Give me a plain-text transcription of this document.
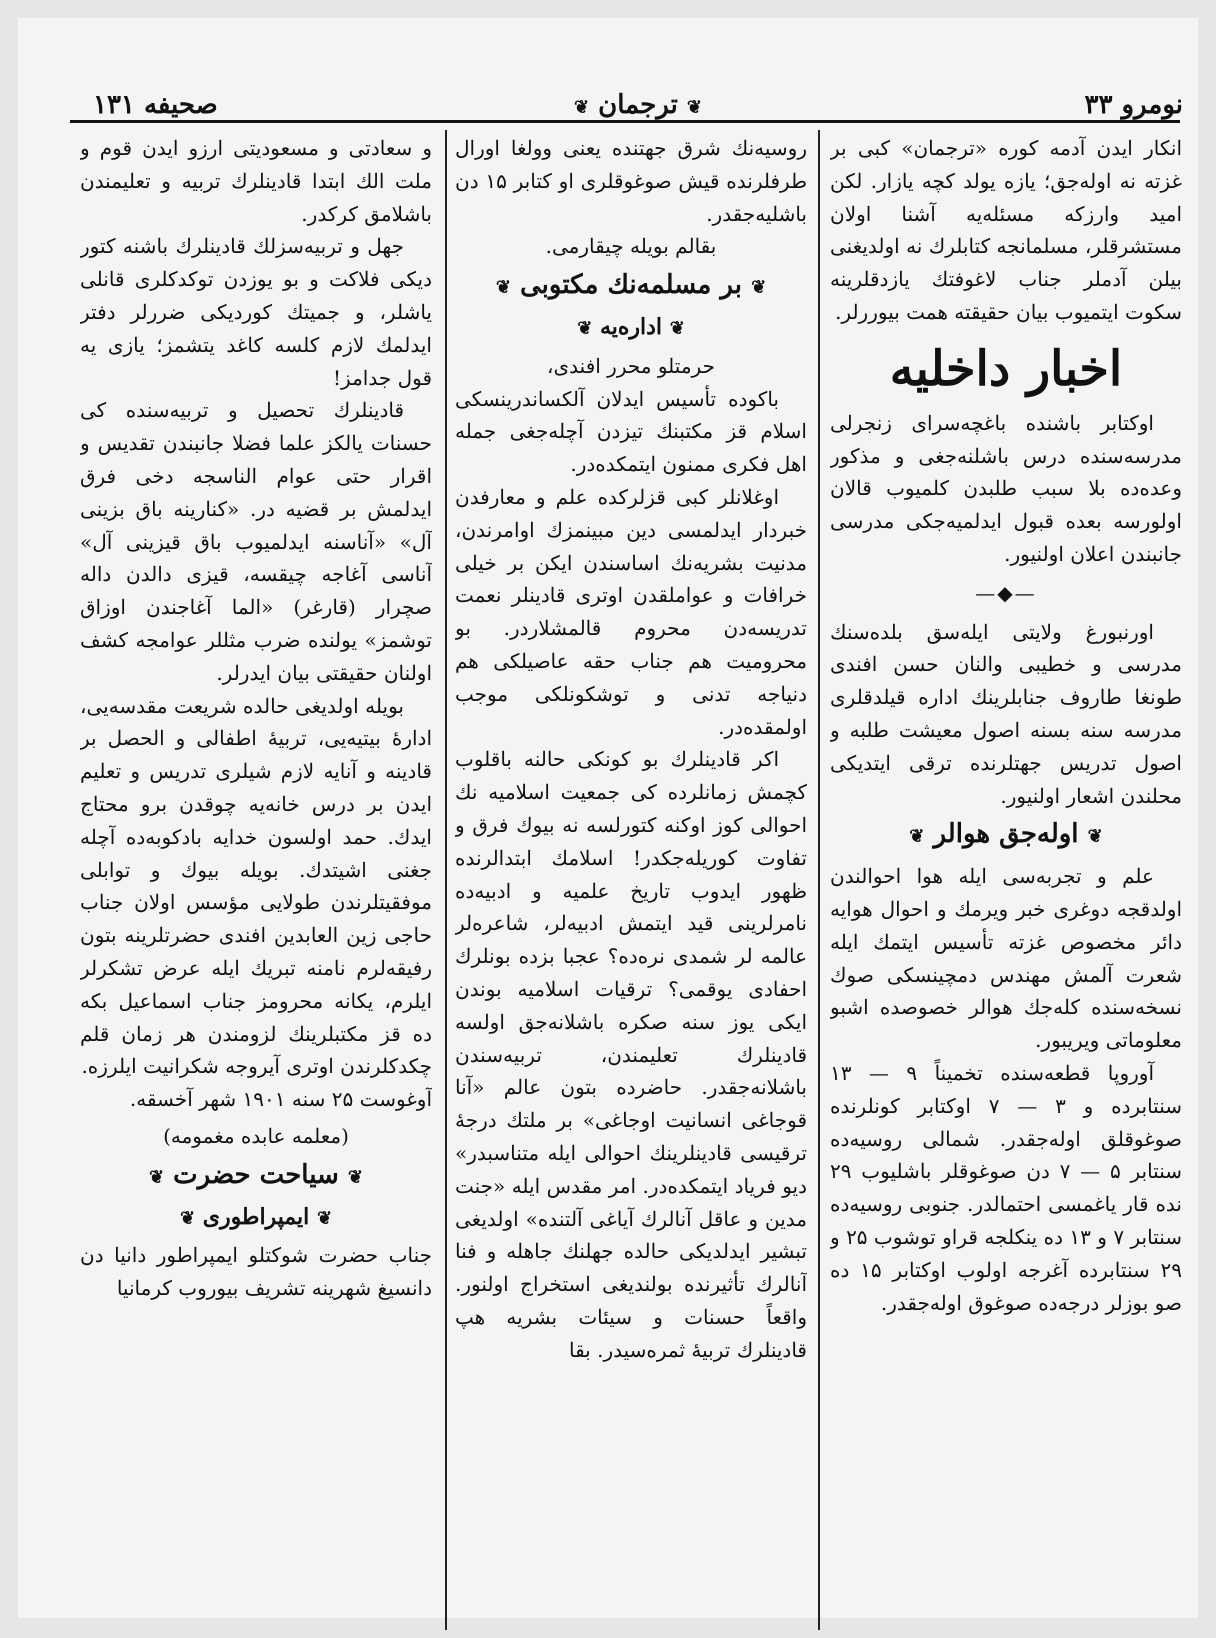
نومرو ۳۳
❦ ترجمان ❦
صحيفه ۱۳۱

انكار ايدن آدمه كوره «ترجمان» كبى بر غزته نه اولەجق؛ يازه يولد كچه يازار. لكن اميد وارزكه مسئلەيه آشنا اولان مستشرقلر، مسلمانجه كتابلرك نه اولديغنى بيلن آدملر جناب لاغوفتك يازدقلرينه سكوت ايتميوب بيان حقيقته همت بيوررلر.

اخبار داخليه

اوكتابر باشنده باغچەسراى زنجرلى مدرسەسنده درس باشلنەجغى و مذكور وعدەده بلا سبب طلبدن كلميوب قالان اولورسه بعده قبول ايدلميەجكى مدرسى جانبندن اعلان اولنيور.

—◆—

اورنبورغ ولايتى ايلەسق بلدەسنك مدرسى و خطيبى والنان حسن افندى طونغا طاروف جنابلرينك اداره قيلدقلرى مدرسه سنه بسنه اصول معيشت طلبه و اصول تدريس جهتلرنده ترقى ايتديكى محلندن اشعار اولنيور.

❦ اولەجق هوالر ❦

علم و تجربەسى ايله هوا احوالندن اولدقجه دوغرى خبر ويرمك و احوال هوايه دائر مخصوص غزته تأسيس ايتمك ايله شعرت آلمش مهندس دمچينسكى صوك نسخەسنده كلەجك هوالر خصوصده اشبو معلوماتى ويريبور.

آوروپا قطعەسنده تخميناً ۹ — ۱۳ سنتابرده و ۳ — ۷ اوكتابر كونلرنده صوغوقلق اولەجقدر. شمالى روسيەده سنتابر ۵ — ۷ دن صوغوقلر باشليوب ۲۹ نده قار ياغمسى احتمالدر. جنوبى روسيەده سنتابر ۷ و ۱۳ ده ينكلجه قراو توشوب ۲۵ و ۲۹ سنتابرده آغرجه اولوب اوكتابر ۱۵ ده صو بوزلر درجەده صوغوق اولەجقدر.

روسيەنك شرق جهتنده يعنى وولغا اورال طرفلرنده قيش صوغوقلرى او كتابر ۱۵ دن باشليەجقدر.

بقالم بويله چيقارمى.

❦ بر مسلمەنك مكتوبى ❦
❦ ادارەيه ❦

حرمتلو محرر افندى،

باكوده تأسيس ايدلان آلكساندرينسكى اسلام قز مكتبنك تيزدن آچلەجغى جمله اهل فكرى ممنون ايتمكدەدر.

اوغلانلر كبى قزلركده علم و معارفدن خبردار ايدلمسى دين مبينمزك اوامرندن، مدنيت بشريەنك اساسندن ايكن بر خيلى خرافات و عواملقدن اوترى قادينلر نعمت تدريسەدن محروم قالمشلاردر. بو محروميت هم جناب حقه عاصيلكى هم دنياجه تدنى و توشكونلكى موجب اولمقدەدر.

اكر قادينلرك بو كونكى حالنه باقلوب كچمش زمانلرده كى جمعيت اسلاميه نك احوالى كوز اوكنه كتورلسه نه بيوك فرق و تفاوت كوريلەجكدر! اسلامك ابتدالرنده ظهور ايدوب تاريخ علميه و ادبيەده نامرلرينى قيد ايتمش ادبيەلر، شاعرەلر عالمه لر شمدى نرەده؟ عجبا بزده بونلرك احفادى يوقمى؟ ترقيات اسلاميه بوندن ايكى يوز سنه صكره باشلانەجق اولسه قادينلرك تعليمندن، تربيەسندن باشلانەجقدر. حاضرده بتون عالم «آنا قوجاغى انسانيت اوجاغى» بر ملتك درجۀ ترقيسى قادينلرينك احوالى ايله متناسبدر» ديو فرياد ايتمكدەدر. امر مقدس ايله «جنت مدين و عاقل آنالرك آياغى آلتندە» اولديغى تبشير ايدلديكى حالده جهلنك جاهله و فنا آنالرك تأثيرنده بولنديغى استخراج اولنور. واقعاً حسنات و سيئات بشريه هپ قادينلرك تربيۀ ثمرەسيدر. بقا

و سعادتى و مسعوديتى ارزو ايدن قوم و ملت الك ابتدا قادينلرك تربيه و تعليمندن باشلامق كركدر.

جهل و تربيەسزلك قادينلرك باشنه كتور ديكى فلاكت و بو يوزدن توكدكلرى قانلى ياشلر، و جميتك كورديكى ضررلر دفتر ايدلمك لازم كلسه كاغد يتشمز؛ يازى يه قول جدامز!

قادينلرك تحصيل و تربيەسنده كى حسنات يالكز علما فضلا جانبندن تقديس و اقرار حتى عوام الناسجه دخى فرق ايدلمش بر قضيه در. «كنارينه باق بزينى آل» «آناسنه ايدلميوب باق قيزينى آل» آناسى آغاجه چيقسه، قيزى دالدن داله صچرار (قارغر) «الما آغاجندن اوزاق توشمز» يولنده ضرب مثللر عوامجه كشف اولنان حقيقتى بيان ايدرلر.

بويله اولديغى حالده شريعت مقدسەيى، ادارۀ بيتيەيى، تربيۀ اطفالى و الحصل بر قادينه و آنايه لازم شيلرى تدريس و تعليم ايدن بر درس خانەيه چوقدن برو محتاج ايدك. حمد اولسون خدايه بادكوبەده آچله جغنى اشيتدك. بويله بيوك و توابلى موفقيتلرندن طولايى مؤسس اولان جناب حاجى زين العابدين افندى حضرتلرينه بتون رفيقەلرم نامنه تبريك ايله عرض تشكرلر ايلرم، يكانه محرومز جناب اسماعيل بكه ده قز مكتبلرينك لزومندن هر زمان قلم چكدكلرندن اوترى آيروجه شكرانيت ايلرزه.

آوغوست ۲۵ سنه ۱۹۰۱ شهر آخسقه.

(معلمه عابده مغمومه)
❦ سياحت حضرت ❦
❦ ايمپراطورى ❦

جناب حضرت شوكتلو ايمپراطور دانيا دن دانسيغ شهرينه تشريف بيوروب كرمانيا
